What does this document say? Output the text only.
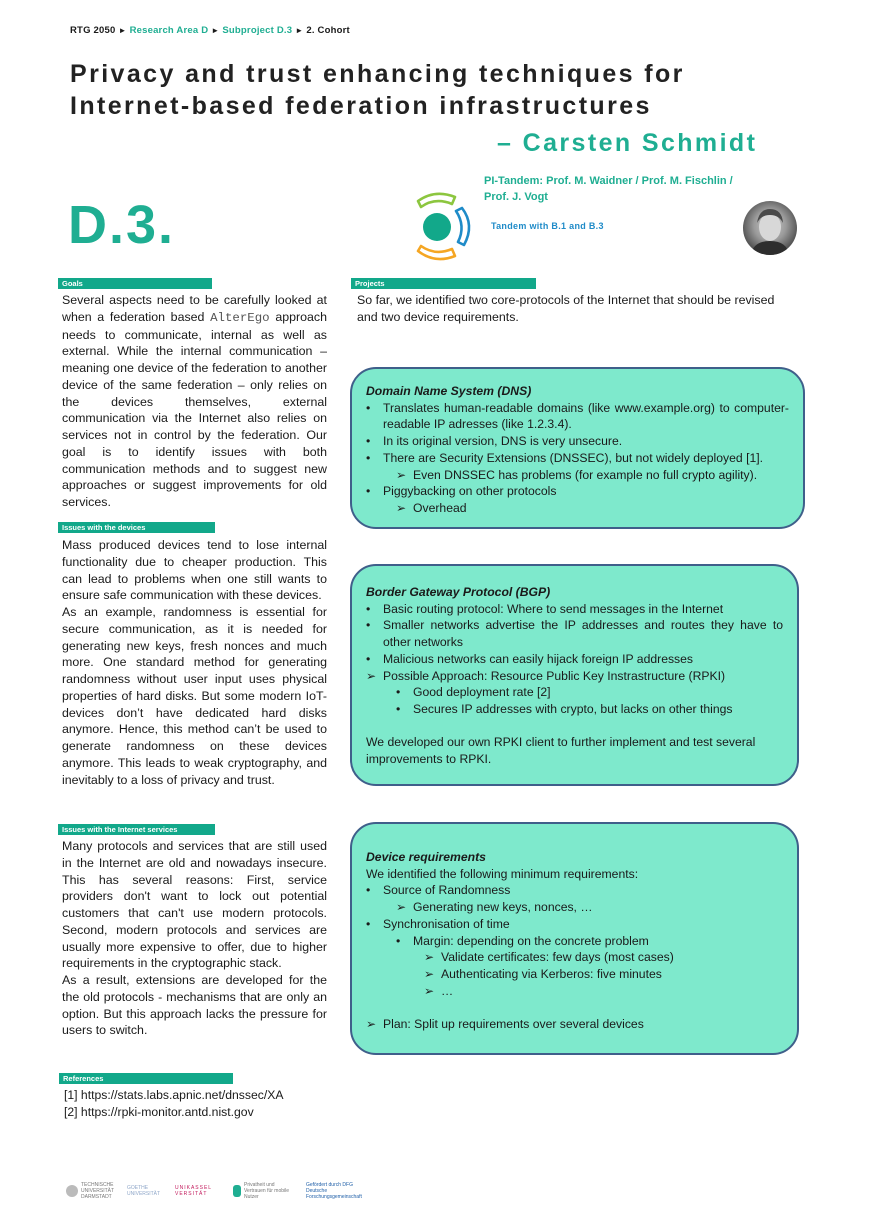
RTG 2050 ► Research Area D ► Subproject D.3 ► 2. Cohort
Privacy and trust enhancing techniques for
Internet-based federation infrastructures
– Carsten Schmidt
PI-Tandem: Prof. M. Waidner / Prof. M. Fischlin /
Prof. J. Vogt
Tandem with B.1 and B.3
D.3.
Goals
Several aspects need to be carefully looked at when a federation based AlterEgo approach needs to communicate, internal as well as external. While the internal communication – meaning one device of the federation to another device of the same federation – only relies on the devices themselves, external communication via the Internet also relies on services not in control by the federation. Our goal is to identify issues with both communication methods and to suggest new approaches or suggest improvements for old services.
Issues with the devices
Mass produced devices tend to lose internal functionality due to cheaper production. This can lead to problems when one still wants to ensure safe communication with these devices.
As an example, randomness is essential for secure communication, as it is needed for generating new keys, fresh nonces and much more. One standard method for generating randomness without user input uses physical properties of hard disks. But some modern IoT-devices don’t have dedicated hard disks anymore. Hence, this method can’t be used to generate randomness on these devices anymore. This leads to weak cryptography, and inevitably to a loss of privacy and trust.
Issues with the Internet services
Many protocols and services that are still used in the Internet are old and nowadays insecure. This has several reasons: First, service providers don't want to lock out potential customers that can't use modern protocols. Second, modern protocols and services are usually more expensive to offer, due to higher requirements in the cryptographic stack.
As a result, extensions are developed for the the old protocols - mechanisms that are only an option. But this approach lacks the pressure for users to switch.
References
[1] https://stats.labs.apnic.net/dnssec/XA
[2] https://rpki-monitor.antd.nist.gov
Projects
So far, we identified two core-protocols of the Internet that should be revised and two device requirements.
Domain Name System (DNS)
• Translates human-readable domains (like www.example.org) to computer-readable IP adresses (like 1.2.3.4).
• In its original version, DNS is very unsecure.
• There are Security Extensions (DNSSEC), but not widely deployed [1].
➢ Even DNSSEC has problems (for example no full crypto agility).
• Piggybacking on other protocols
➢ Overhead
Border Gateway Protocol (BGP)
• Basic routing protocol: Where to send messages in the Internet
• Smaller networks advertise the IP addresses and routes they have to other networks
• Malicious networks can easily hijack foreign IP addresses
➢ Possible Approach: Resource Public Key Instrastructure (RPKI)
• Good deployment rate [2]
• Secures IP addresses with crypto, but lacks on other things
We developed our own RPKI client to further implement and test several improvements to RPKI.
Device requirements
We identified the following minimum requirements:
• Source of Randomness
➢ Generating new keys, nonces, …
• Synchronisation of time
• Margin: depending on the concrete problem
➢ Validate certificates: few days (most cases)
➢ Authenticating via Kerberos: five minutes
➢ …
➢ Plan: Split up requirements over several devices
TECHNISCHE UNIVERSITÄT DARMSTADT
GOETHE UNIVERSITÄT
UNIKASSEL VERSITÄT
Privatheit und Vertrauen für mobile Nutzer
Gefördert durch DFG Deutsche Forschungsgemeinschaft
